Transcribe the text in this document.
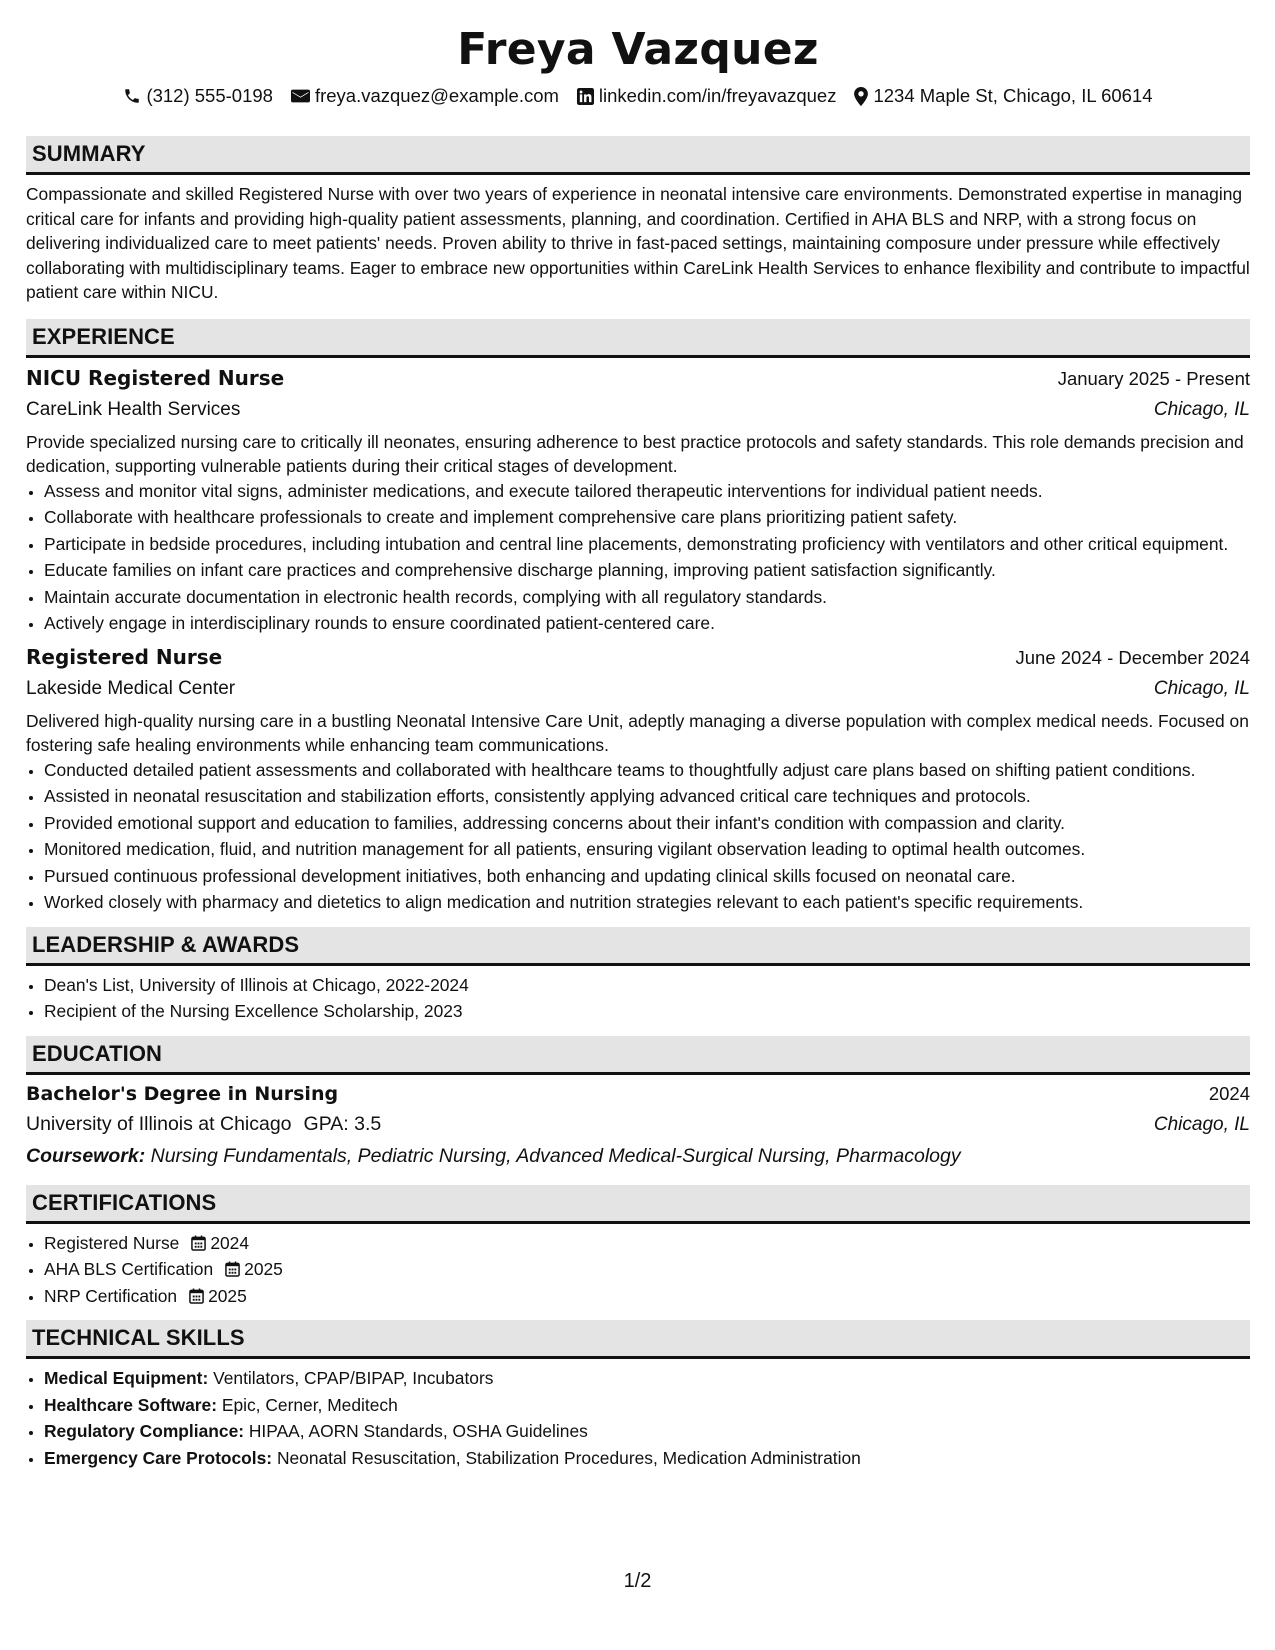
Freya Vazquez
(312) 555-0198 freya.vazquez@example.com linkedin.com/in/freyavazquez 1234 Maple St, Chicago, IL 60614
SUMMARY
Compassionate and skilled Registered Nurse with over two years of experience in neonatal intensive care environments. Demonstrated expertise in managing critical care for infants and providing high-quality patient assessments, planning, and coordination. Certified in AHA BLS and NRP, with a strong focus on delivering individualized care to meet patients' needs. Proven ability to thrive in fast-paced settings, maintaining composure under pressure while effectively collaborating with multidisciplinary teams. Eager to embrace new opportunities within CareLink Health Services to enhance flexibility and contribute to impactful patient care within NICU.
EXPERIENCE
NICU Registered Nurse	January 2025 - Present
CareLink Health Services	Chicago, IL
Provide specialized nursing care to critically ill neonates, ensuring adherence to best practice protocols and safety standards. This role demands precision and dedication, supporting vulnerable patients during their critical stages of development.
• Assess and monitor vital signs, administer medications, and execute tailored therapeutic interventions for individual patient needs.
• Collaborate with healthcare professionals to create and implement comprehensive care plans prioritizing patient safety.
• Participate in bedside procedures, including intubation and central line placements, demonstrating proficiency with ventilators and other critical equipment.
• Educate families on infant care practices and comprehensive discharge planning, improving patient satisfaction significantly.
• Maintain accurate documentation in electronic health records, complying with all regulatory standards.
• Actively engage in interdisciplinary rounds to ensure coordinated patient-centered care.
Registered Nurse	June 2024 - December 2024
Lakeside Medical Center	Chicago, IL
Delivered high-quality nursing care in a bustling Neonatal Intensive Care Unit, adeptly managing a diverse population with complex medical needs. Focused on fostering safe healing environments while enhancing team communications.
• Conducted detailed patient assessments and collaborated with healthcare teams to thoughtfully adjust care plans based on shifting patient conditions.
• Assisted in neonatal resuscitation and stabilization efforts, consistently applying advanced critical care techniques and protocols.
• Provided emotional support and education to families, addressing concerns about their infant's condition with compassion and clarity.
• Monitored medication, fluid, and nutrition management for all patients, ensuring vigilant observation leading to optimal health outcomes.
• Pursued continuous professional development initiatives, both enhancing and updating clinical skills focused on neonatal care.
• Worked closely with pharmacy and dietetics to align medication and nutrition strategies relevant to each patient's specific requirements.
LEADERSHIP & AWARDS
• Dean's List, University of Illinois at Chicago, 2022-2024
• Recipient of the Nursing Excellence Scholarship, 2023
EDUCATION
Bachelor's Degree in Nursing	2024
University of Illinois at Chicago GPA: 3.5	Chicago, IL
Coursework: Nursing Fundamentals, Pediatric Nursing, Advanced Medical-Surgical Nursing, Pharmacology
CERTIFICATIONS
• Registered Nurse 2024
• AHA BLS Certification 2025
• NRP Certification 2025
TECHNICAL SKILLS
• Medical Equipment: Ventilators, CPAP/BIPAP, Incubators
• Healthcare Software: Epic, Cerner, Meditech
• Regulatory Compliance: HIPAA, AORN Standards, OSHA Guidelines
• Emergency Care Protocols: Neonatal Resuscitation, Stabilization Procedures, Medication Administration
1/2
